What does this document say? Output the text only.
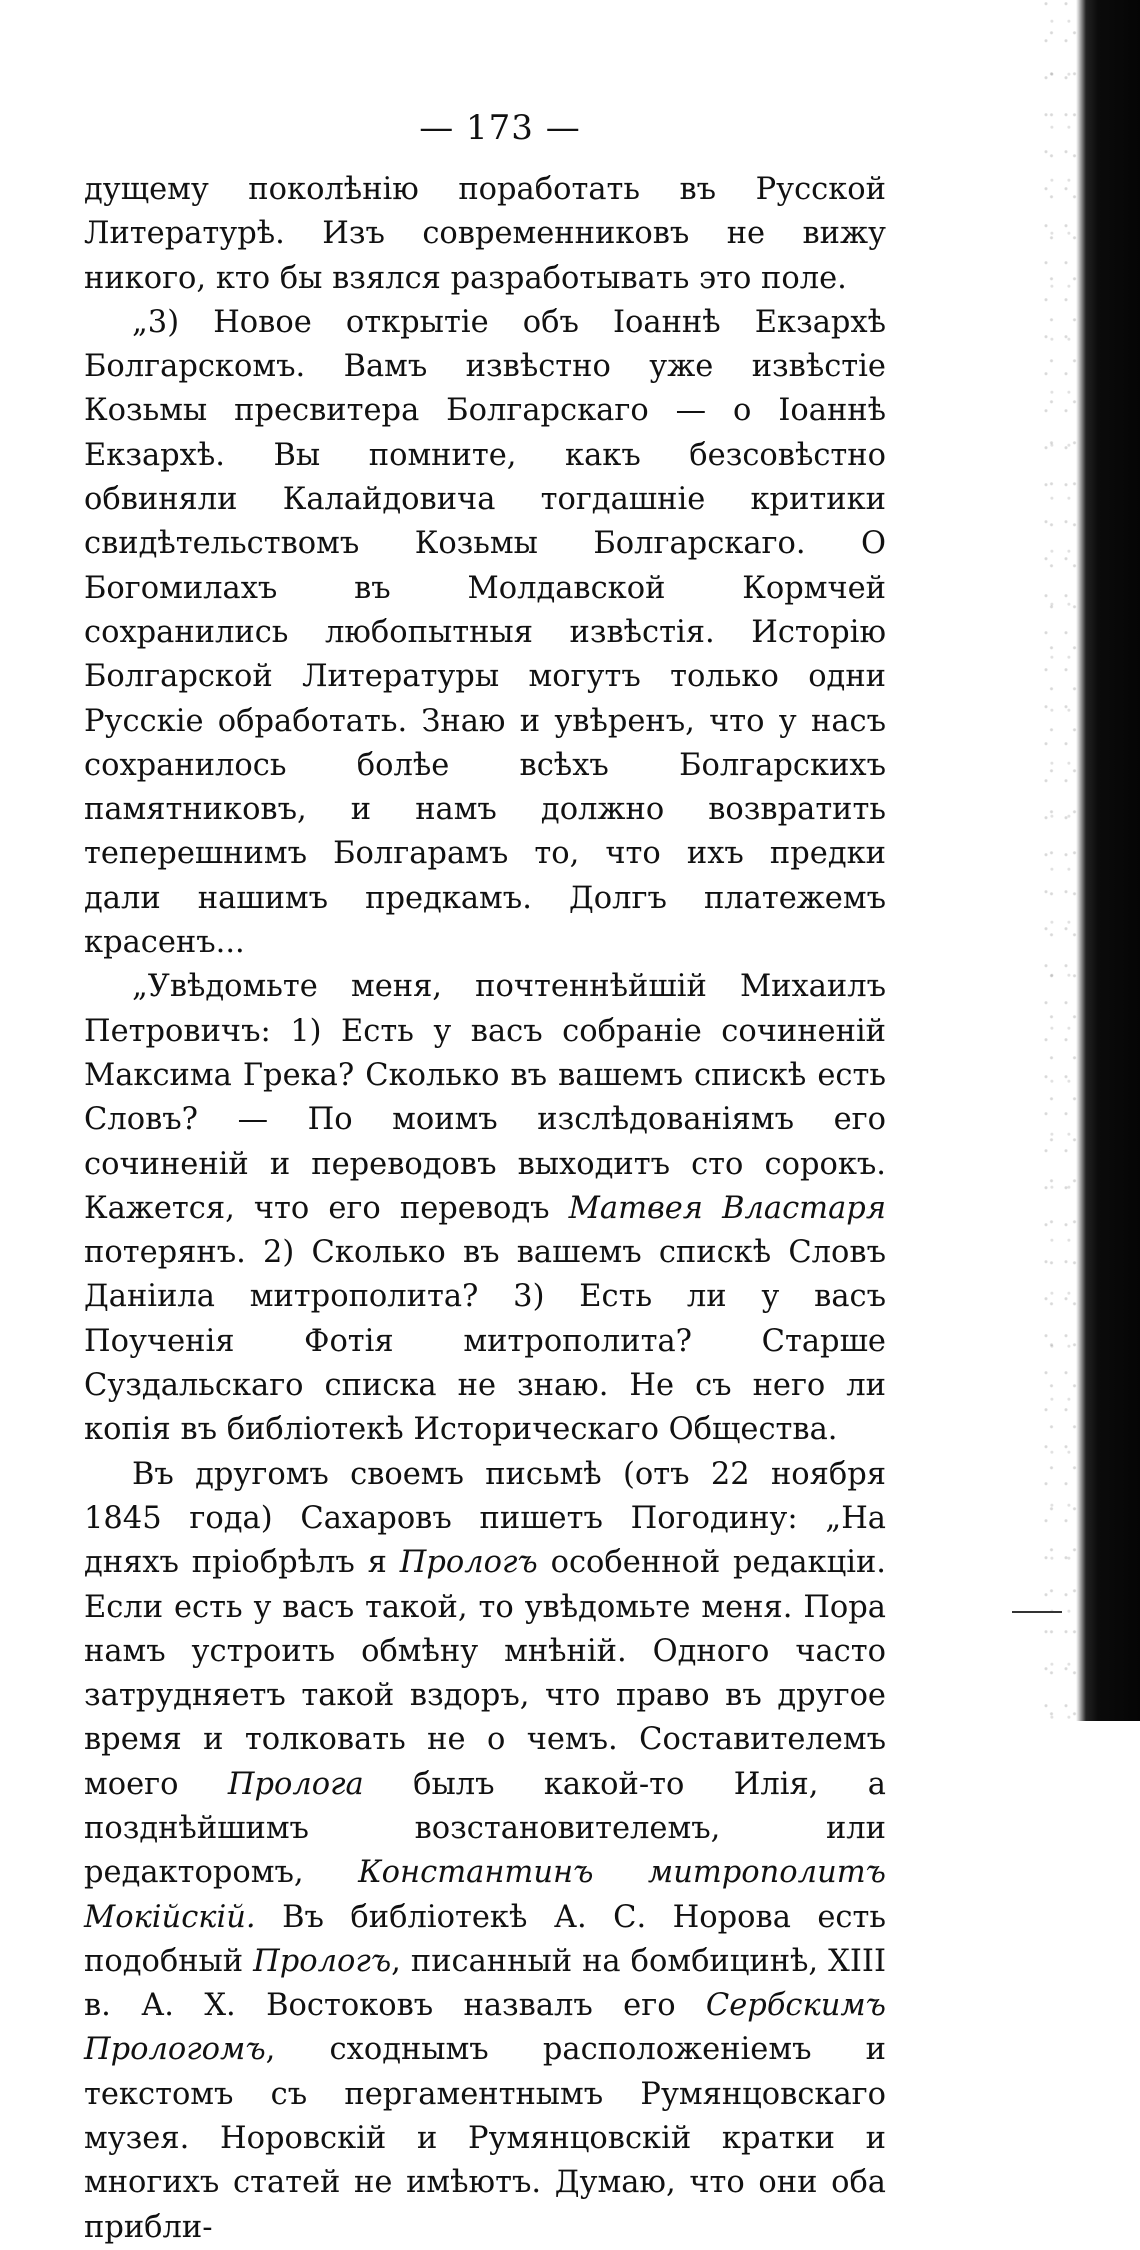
— 173 —

дущему поколѣнію поработать въ Русской Литературѣ. Изъ современниковъ не вижу никого, кто бы взялся разработывать это поле.

„3) Новое открытіе объ Іоаннѣ Екзархѣ Болгарскомъ. Вамъ извѣстно уже извѣстіе Козьмы пресвитера Болгарскаго — о Іоаннѣ Екзархѣ. Вы помните, какъ безсовѣстно обвиняли Калайдовича тогдашніе критики свидѣтельствомъ Козьмы Болгарскаго. О Богомилахъ въ Молдавской Кормчей сохранились любопытныя извѣстія. Исторію Болгарской Литературы могутъ только одни Русскіе обработать. Знаю и увѣренъ, что у насъ сохранилось болѣе всѣхъ Болгарскихъ памятниковъ, и намъ должно возвратить теперешнимъ Болгарамъ то, что ихъ предки дали нашимъ предкамъ. Долгъ платежемъ красенъ...

„Увѣдомьте меня, почтеннѣйшій Михаилъ Петровичъ: 1) Есть у васъ собраніе сочиненій Максима Грека? Сколько въ вашемъ спискѣ есть Словъ? — По моимъ изслѣдованіямъ его сочиненій и переводовъ выходитъ сто сорокъ. Кажется, что его переводъ Матвея Властаря потерянъ. 2) Сколько въ вашемъ спискѣ Словъ Даніила митрополита? 3) Есть ли у васъ Поученія Фотія митрополита? Старше Суздальскаго списка не знаю. Не съ него ли копія въ библіотекѣ Историческаго Общества.

Въ другомъ своемъ письмѣ (отъ 22 ноября 1845 года) Сахаровъ пишетъ Погодину: „На дняхъ пріобрѣлъ я Прологъ особенной редакціи. Если есть у васъ такой, то увѣдомьте меня. Пора намъ устроить обмѣну мнѣній. Одного часто затрудняетъ такой вздоръ, что право въ другое время и толковать не о чемъ. Составителемъ моего Пролога былъ какой-то Илія, а позднѣйшимъ возстановителемъ, или редакторомъ, Константинъ митрополитъ Мокійскій. Въ библіотекѣ А. С. Норова есть подобный Прологъ, писанный на бомбицинѣ, XIII в. А. Х. Востоковъ назвалъ его Сербскимъ Прологомъ, сходнымъ расположеніемъ и текстомъ съ пергаментнымъ Румянцовскаго музея. Норовскій и Румянцовскій кратки и многихъ статей не имѣютъ. Думаю, что они оба прибли-
